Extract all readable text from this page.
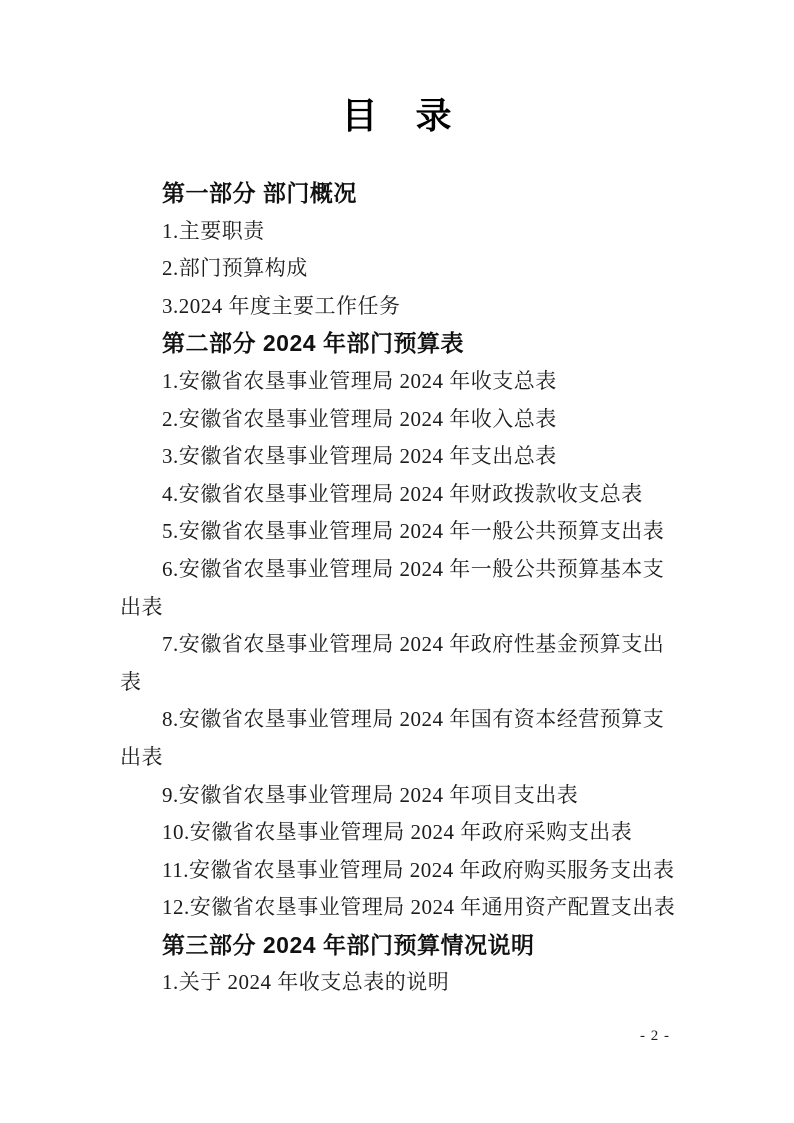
目　录
第一部分 部门概况
1.主要职责
2.部门预算构成
3.2024 年度主要工作任务
第二部分 2024 年部门预算表
1.安徽省农垦事业管理局 2024 年收支总表
2.安徽省农垦事业管理局 2024 年收入总表
3.安徽省农垦事业管理局 2024 年支出总表
4.安徽省农垦事业管理局 2024 年财政拨款收支总表
5.安徽省农垦事业管理局 2024 年一般公共预算支出表
6.安徽省农垦事业管理局 2024 年一般公共预算基本支
出表
7.安徽省农垦事业管理局 2024 年政府性基金预算支出
表
8.安徽省农垦事业管理局 2024 年国有资本经营预算支
出表
9.安徽省农垦事业管理局 2024 年项目支出表
10.安徽省农垦事业管理局 2024 年政府采购支出表
11.安徽省农垦事业管理局 2024 年政府购买服务支出表
12.安徽省农垦事业管理局 2024 年通用资产配置支出表
第三部分 2024 年部门预算情况说明
1.关于 2024 年收支总表的说明
- 2 -
